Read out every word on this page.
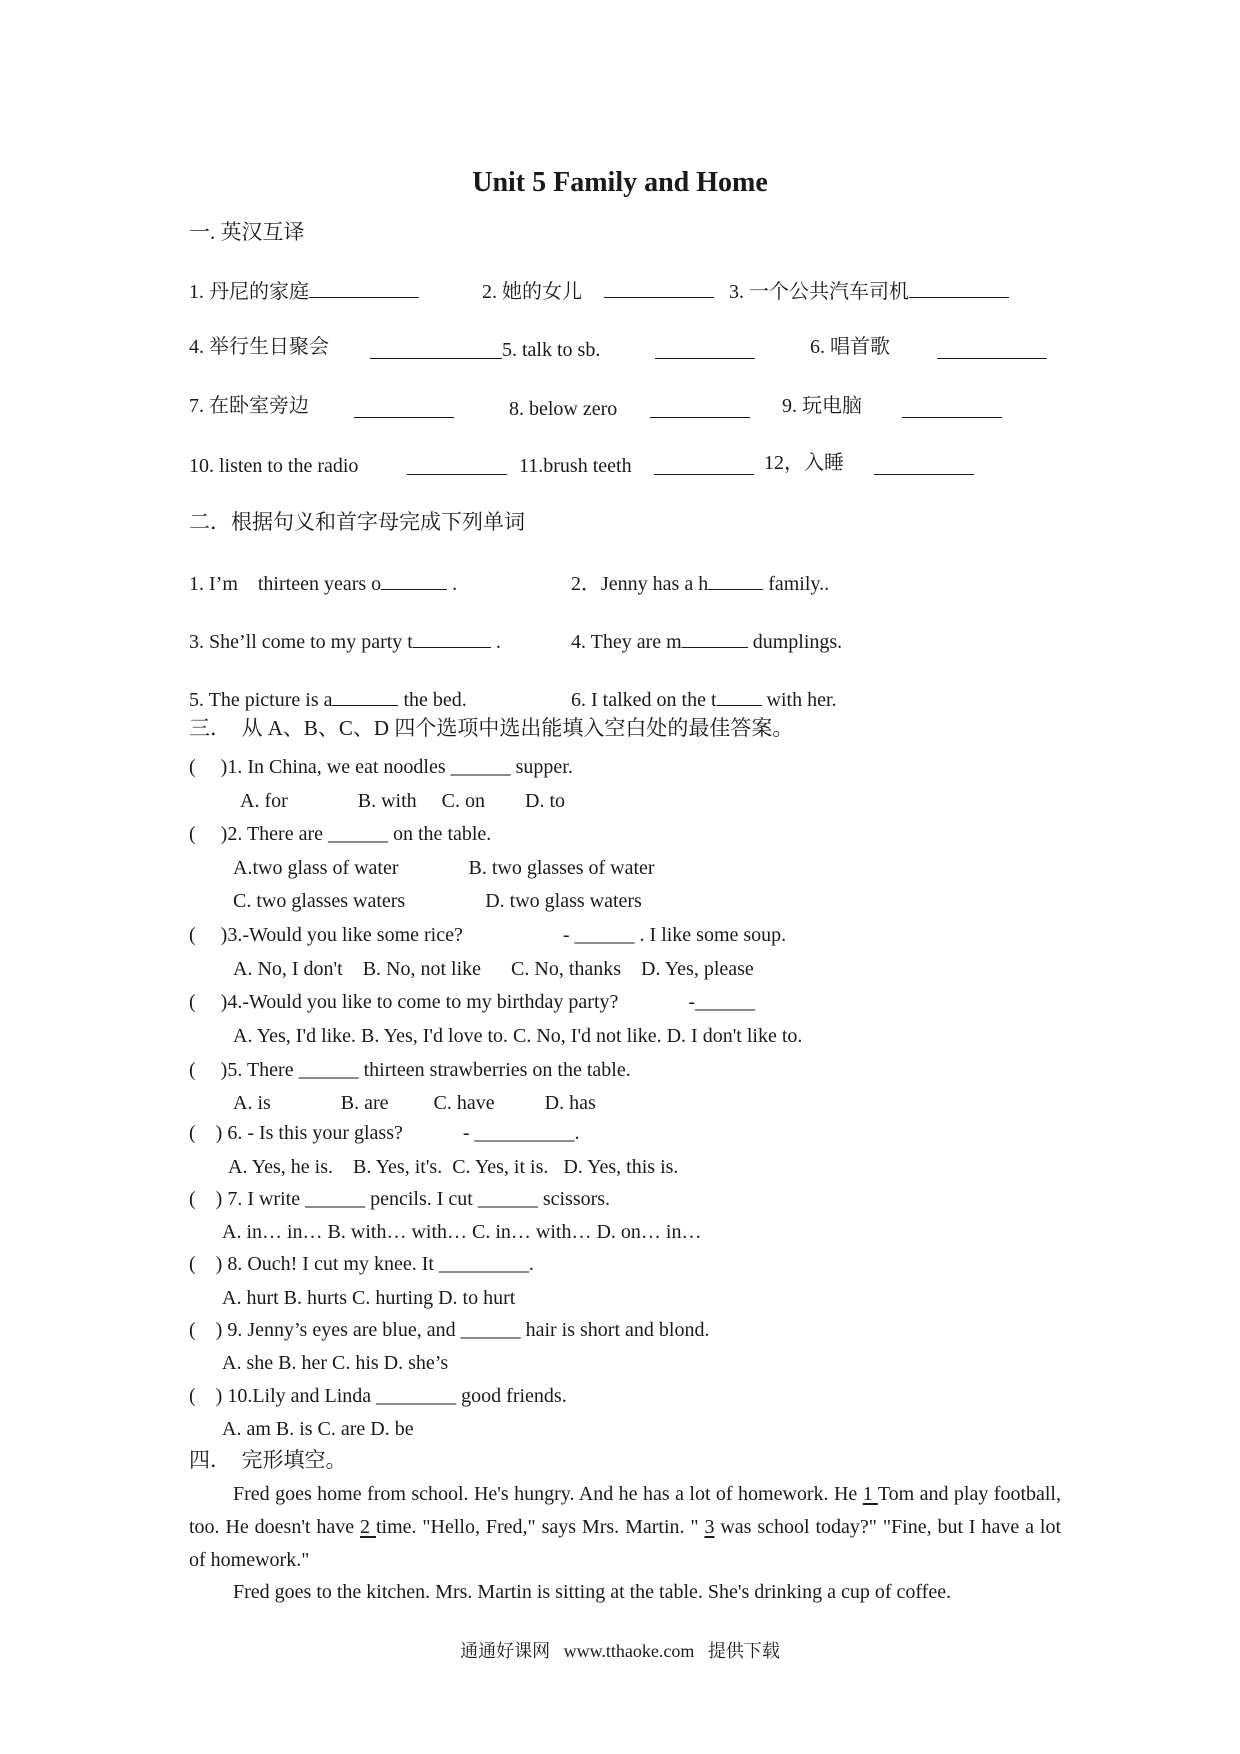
Unit 5 Family and Home
一. 英汉互译
1. 丹尼的家庭	2. 她的女儿	3. 一个公共汽车司机
4. 举行生日聚会	5. talk to sb.	6. 唱首歌
7. 在卧室旁边	8. below zero	9. 玩电脑
10. listen to the radio	11.brush teeth	12，入睡
二．根据句义和首字母完成下列单词
1. I’m    thirteen years o	.	2．Jenny has a h	family..
3. She’ll come to my party t	.	4. They are m	dumplings.
5. The picture is a	the bed.	6. I talked on the t with her.
三．  从 A、B、C、D 四个选项中选出能填入空白处的最佳答案。
(     )1. In China, we eat noodles ______ supper.
A. for              B. with     C. on        D. to
(     )2. There are ______ on the table.
A.two glass of water              B. two glasses of water
C. two glasses waters                D. two glass waters
(     )3.-Would you like some rice?                    - ______ . I like some soup.
A. No, I don't    B. No, not like      C. No, thanks    D. Yes, please
(     )4.-Would you like to come to my birthday party?              -______
A. Yes, I'd like. B. Yes, I'd love to. C. No, I'd not like. D. I don't like to.
(     )5. There ______ thirteen strawberries on the table.
A. is              B. are         C. have          D. has
(    ) 6. - Is this your glass?            - __________.
A. Yes, he is.    B. Yes, it's.  C. Yes, it is.   D. Yes, this is.
(    ) 7. I write ______ pencils. I cut ______ scissors.
A. in… in… B. with… with… C. in… with… D. on… in…
(    ) 8. Ouch! I cut my knee. It _________.
A. hurt B. hurts C. hurting D. to hurt
(    ) 9. Jenny’s eyes are blue, and ______ hair is short and blond.
A. she B. her C. his D. she’s
(    ) 10.Lily and Linda ________ good friends.
A. am B. is C. are D. be
四．  完形填空。
Fred goes home from school. He's hungry. And he has a lot of homework. He 1 Tom and play football, too. He doesn't have 2 time. "Hello, Fred," says Mrs. Martin. " 3 was school today?" "Fine, but I have a lot of homework."
Fred goes to the kitchen. Mrs. Martin is sitting at the table. She's drinking a cup of coffee.
通通好课网   www.tthaoke.com   提供下载
